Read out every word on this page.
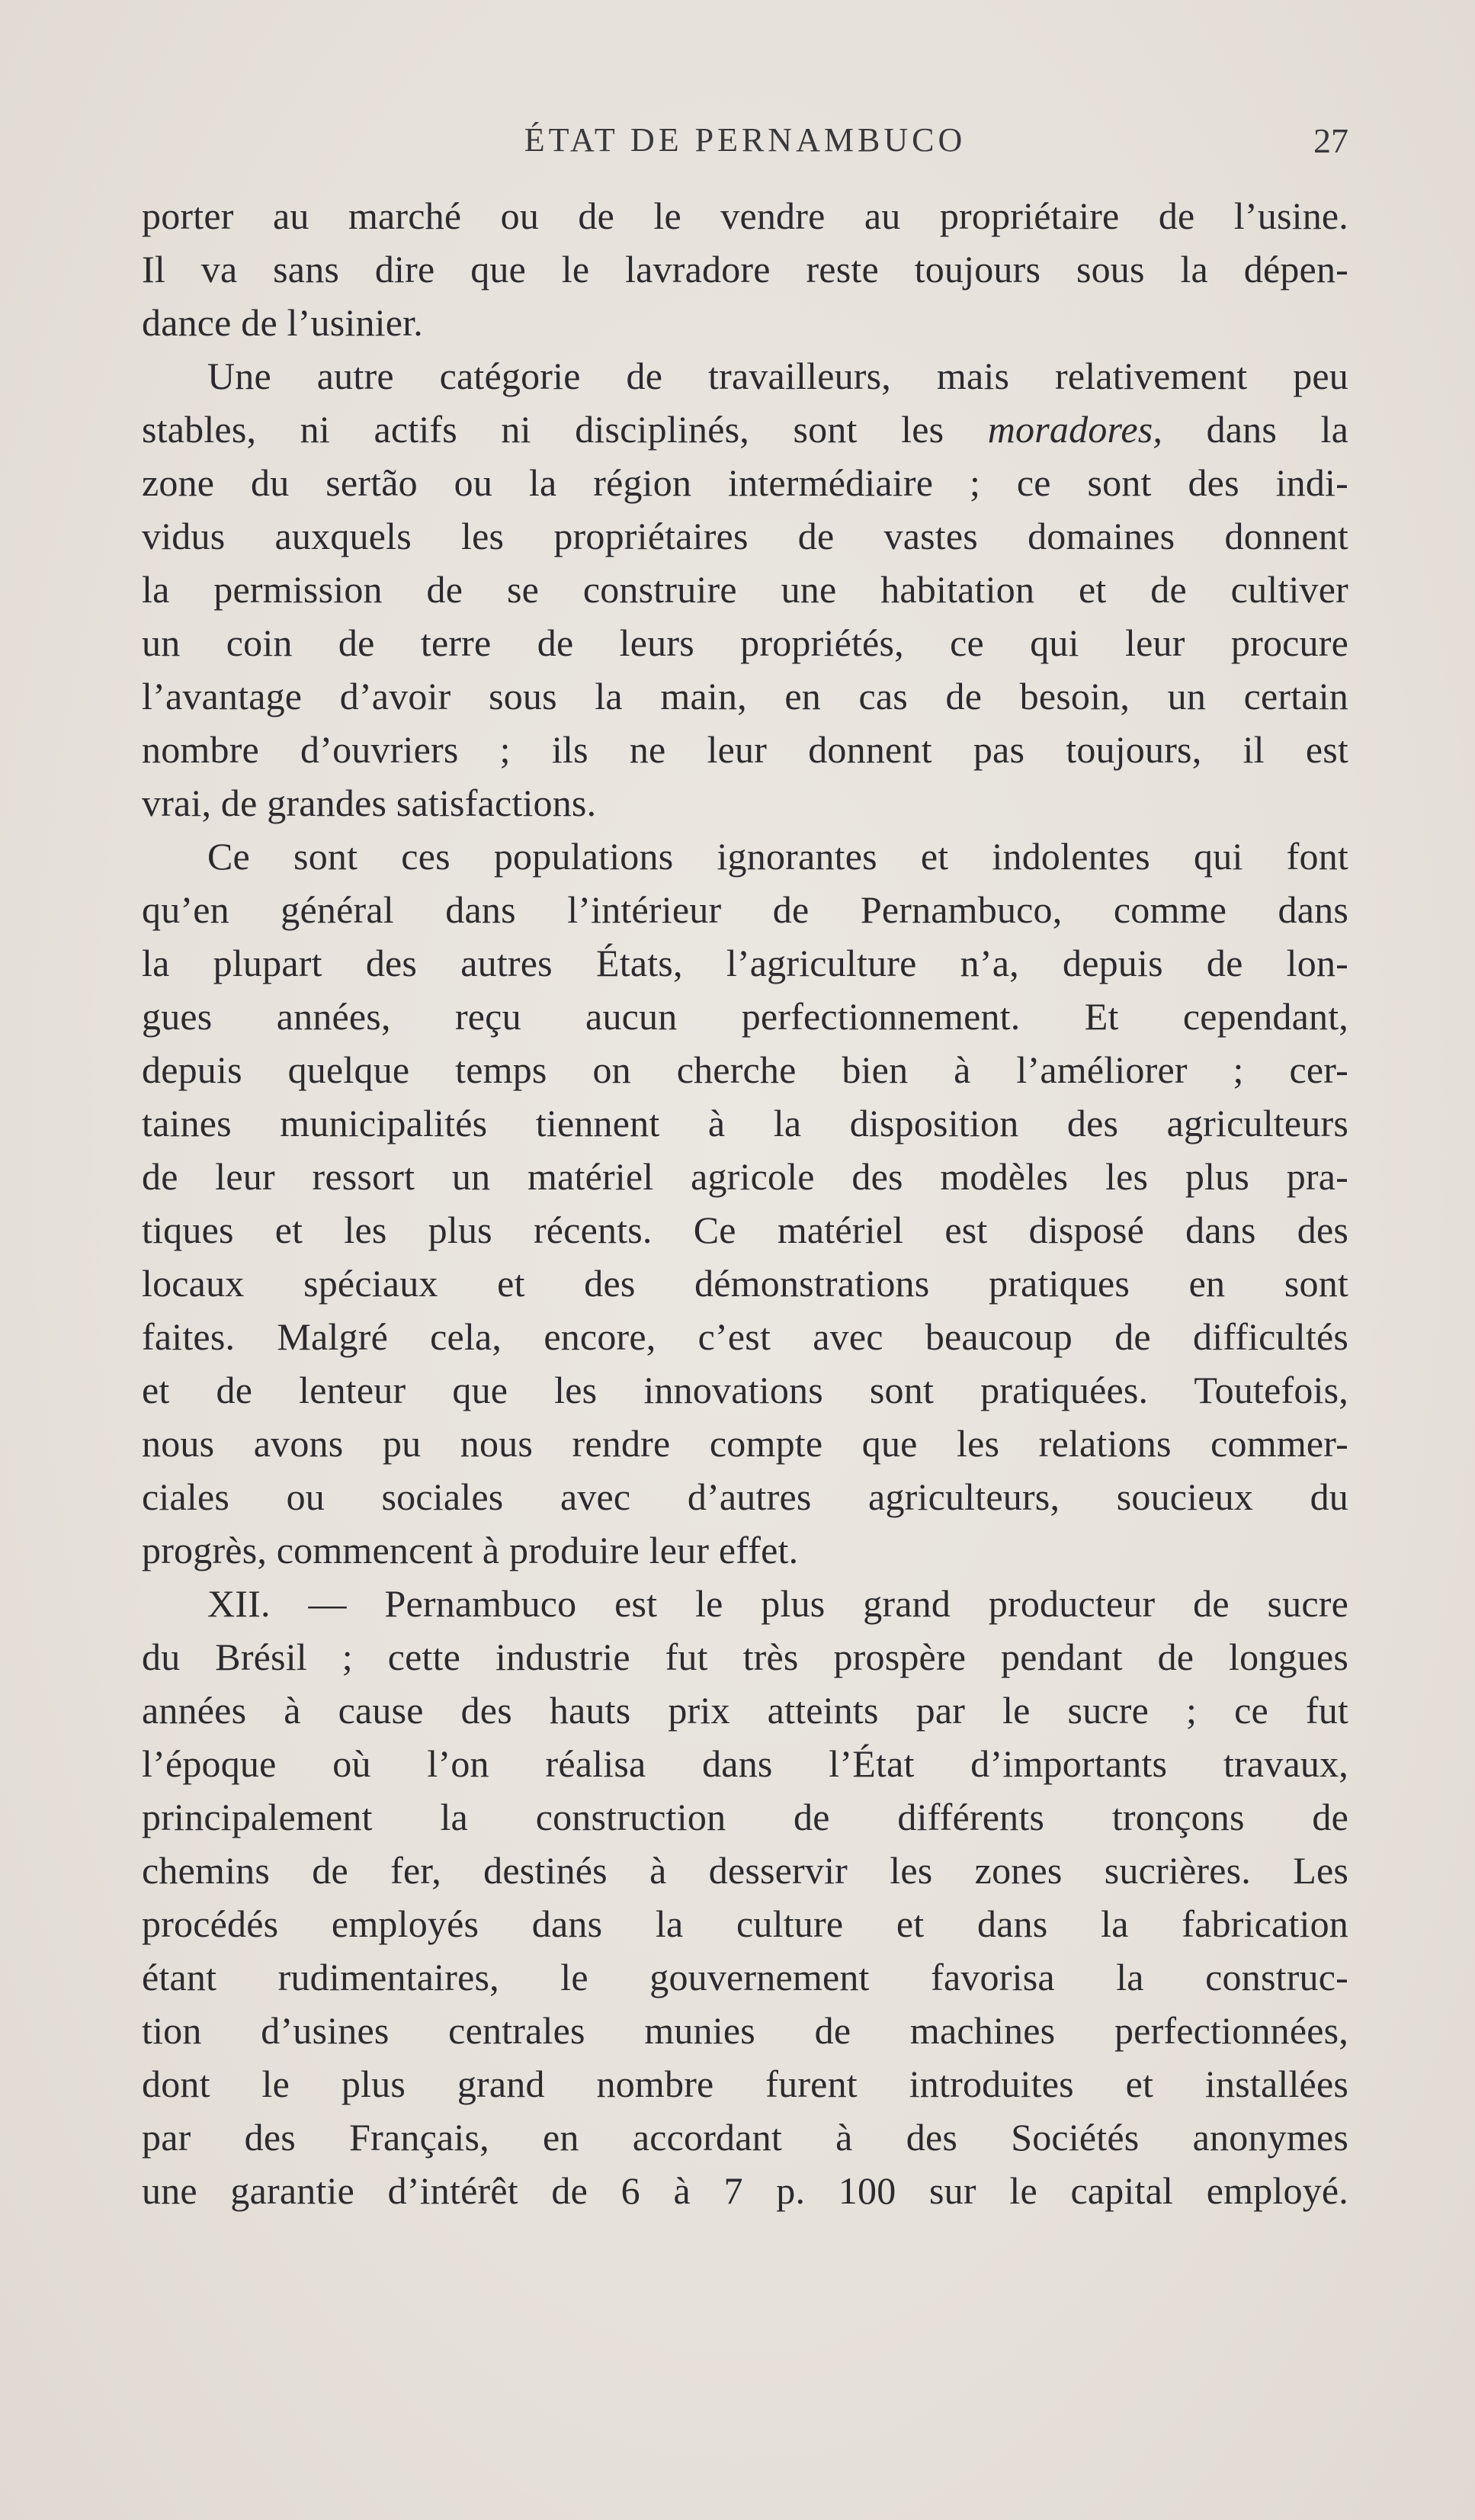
ÉTAT DE PERNAMBUCO	27
porter au marché ou de le vendre au propriétaire de l’usine.
Il va sans dire que le lavradore reste toujours sous la dépen-
dance de l’usinier.
Une autre catégorie de travailleurs, mais relativement peu
stables, ni actifs ni disciplinés, sont les moradores, dans la
zone du sertão ou la région intermédiaire ; ce sont des indi-
vidus auxquels les propriétaires de vastes domaines donnent
la permission de se construire une habitation et de cultiver
un coin de terre de leurs propriétés, ce qui leur procure
l’avantage d’avoir sous la main, en cas de besoin, un certain
nombre d’ouvriers ; ils ne leur donnent pas toujours, il est
vrai, de grandes satisfactions.
Ce sont ces populations ignorantes et indolentes qui font
qu’en général dans l’intérieur de Pernambuco, comme dans
la plupart des autres États, l’agriculture n’a, depuis de lon-
gues années, reçu aucun perfectionnement. Et cependant,
depuis quelque temps on cherche bien à l’améliorer ; cer-
taines municipalités tiennent à la disposition des agriculteurs
de leur ressort un matériel agricole des modèles les plus pra-
tiques et les plus récents. Ce matériel est disposé dans des
locaux spéciaux et des démonstrations pratiques en sont
faites. Malgré cela, encore, c’est avec beaucoup de difficultés
et de lenteur que les innovations sont pratiquées. Toutefois,
nous avons pu nous rendre compte que les relations commer-
ciales ou sociales avec d’autres agriculteurs, soucieux du
progrès, commencent à produire leur effet.
XII. — Pernambuco est le plus grand producteur de sucre
du Brésil ; cette industrie fut très prospère pendant de longues
années à cause des hauts prix atteints par le sucre ; ce fut
l’époque où l’on réalisa dans l’État d’importants travaux,
principalement la construction de différents tronçons de
chemins de fer, destinés à desservir les zones sucrières. Les
procédés employés dans la culture et dans la fabrication
étant rudimentaires, le gouvernement favorisa la construc-
tion d’usines centrales munies de machines perfectionnées,
dont le plus grand nombre furent introduites et installées
par des Français, en accordant à des Sociétés anonymes
une garantie d’intérêt de 6 à 7 p. 100 sur le capital employé.
